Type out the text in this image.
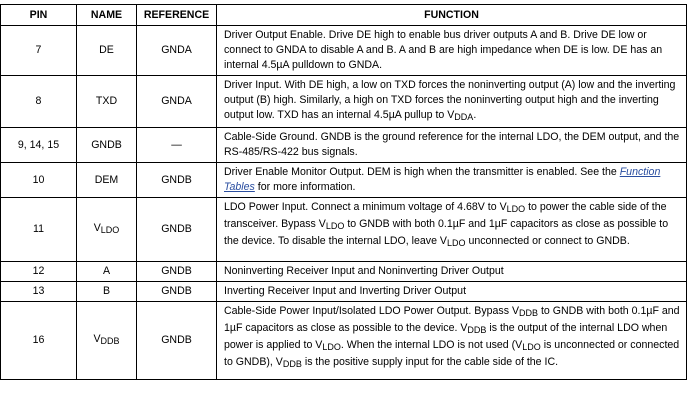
PIN	NAME	REFERENCE	FUNCTION
7	DE	GNDA	Driver Output Enable. Drive DE high to enable bus driver outputs A and B. Drive DE low or connect to GNDA to disable A and B. A and B are high impedance when DE is low. DE has an internal 4.5µA pulldown to GNDA.
8	TXD	GNDA	Driver Input. With DE high, a low on TXD forces the noninverting output (A) low and the inverting output (B) high. Similarly, a high on TXD forces the noninverting output high and the inverting output low. TXD has an internal 4.5µA pullup to $V_{DDA}$.
9, 14, 15	GNDB	—	Cable-Side Ground. GNDB is the ground reference for the internal LDO, the DEM output, and the RS-485/RS-422 bus signals.
10	DEM	GNDB	Driver Enable Monitor Output. DEM is high when the transmitter is enabled. See the Function Tables for more information.
11	$V_{LDO}$	GNDB	LDO Power Input. Connect a minimum voltage of 4.68V to $V_{LDO}$ to power the cable side of the transceiver. Bypass $V_{LDO}$ to GNDB with both 0.1µF and 1µF capacitors as close as possible to the device. To disable the internal LDO, leave $V_{LDO}$ unconnected or connect to GNDB.
12	A	GNDB	Noninverting Receiver Input and Noninverting Driver Output
13	B	GNDB	Inverting Receiver Input and Inverting Driver Output
16	$V_{DDB}$	GNDB	Cable-Side Power Input/Isolated LDO Power Output. Bypass $V_{DDB}$ to GNDB with both 0.1µF and 1µF capacitors as close as possible to the device. $V_{DDB}$ is the output of the internal LDO when power is applied to $V_{LDO}$. When the internal LDO is not used ($V_{LDO}$ is unconnected or connected to GNDB), $V_{DDB}$ is the positive supply input for the cable side of the IC.
